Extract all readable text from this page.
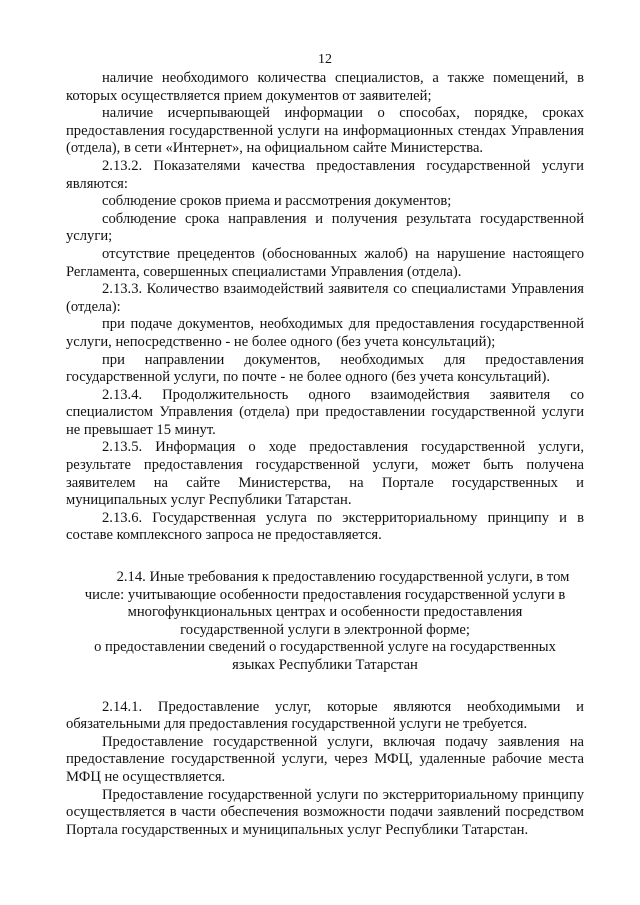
12

наличие необходимого количества специалистов, а также помещений, в которых осуществляется прием документов от заявителей;

наличие исчерпывающей информации о способах, порядке, сроках предоставления государственной услуги на информационных стендах Управления (отдела), в сети «Интернет», на официальном сайте Министерства.

2.13.2. Показателями качества предоставления государственной услуги являются:

соблюдение сроков приема и рассмотрения документов;

соблюдение срока направления и получения результата государственной услуги;

отсутствие прецедентов (обоснованных жалоб) на нарушение настоящего Регламента, совершенных специалистами Управления (отдела).

2.13.3. Количество взаимодействий заявителя со специалистами Управления (отдела):

при подаче документов, необходимых для предоставления государственной услуги, непосредственно - не более одного (без учета консультаций);

при направлении документов, необходимых для предоставления государственной услуги, по почте - не более одного (без учета консультаций).

2.13.4. Продолжительность одного взаимодействия заявителя со специалистом Управления (отдела) при предоставлении государственной услуги не превышает 15 минут.

2.13.5. Информация о ходе предоставления государственной услуги, результате предоставления государственной услуги, может быть получена заявителем на сайте Министерства, на Портале государственных и муниципальных услуг Республики Татарстан.

2.13.6. Государственная услуга по экстерриториальному принципу и в составе комплексного запроса не предоставляется.

2.14. Иные требования к предоставлению государственной услуги, в том
числе: учитывающие особенности предоставления государственной услуги в
многофункциональных центрах и особенности предоставления
государственной услуги в электронной форме;
о предоставлении сведений о государственной услуге на государственных
языках Республики Татарстан

2.14.1. Предоставление услуг, которые являются необходимыми и обязательными для предоставления государственной услуги не требуется.

Предоставление государственной услуги, включая подачу заявления на предоставление государственной услуги, через МФЦ, удаленные рабочие места МФЦ не осуществляется.

Предоставление государственной услуги по экстерриториальному принципу осуществляется в части обеспечения возможности подачи заявлений посредством Портала государственных и муниципальных услуг Республики Татарстан.
